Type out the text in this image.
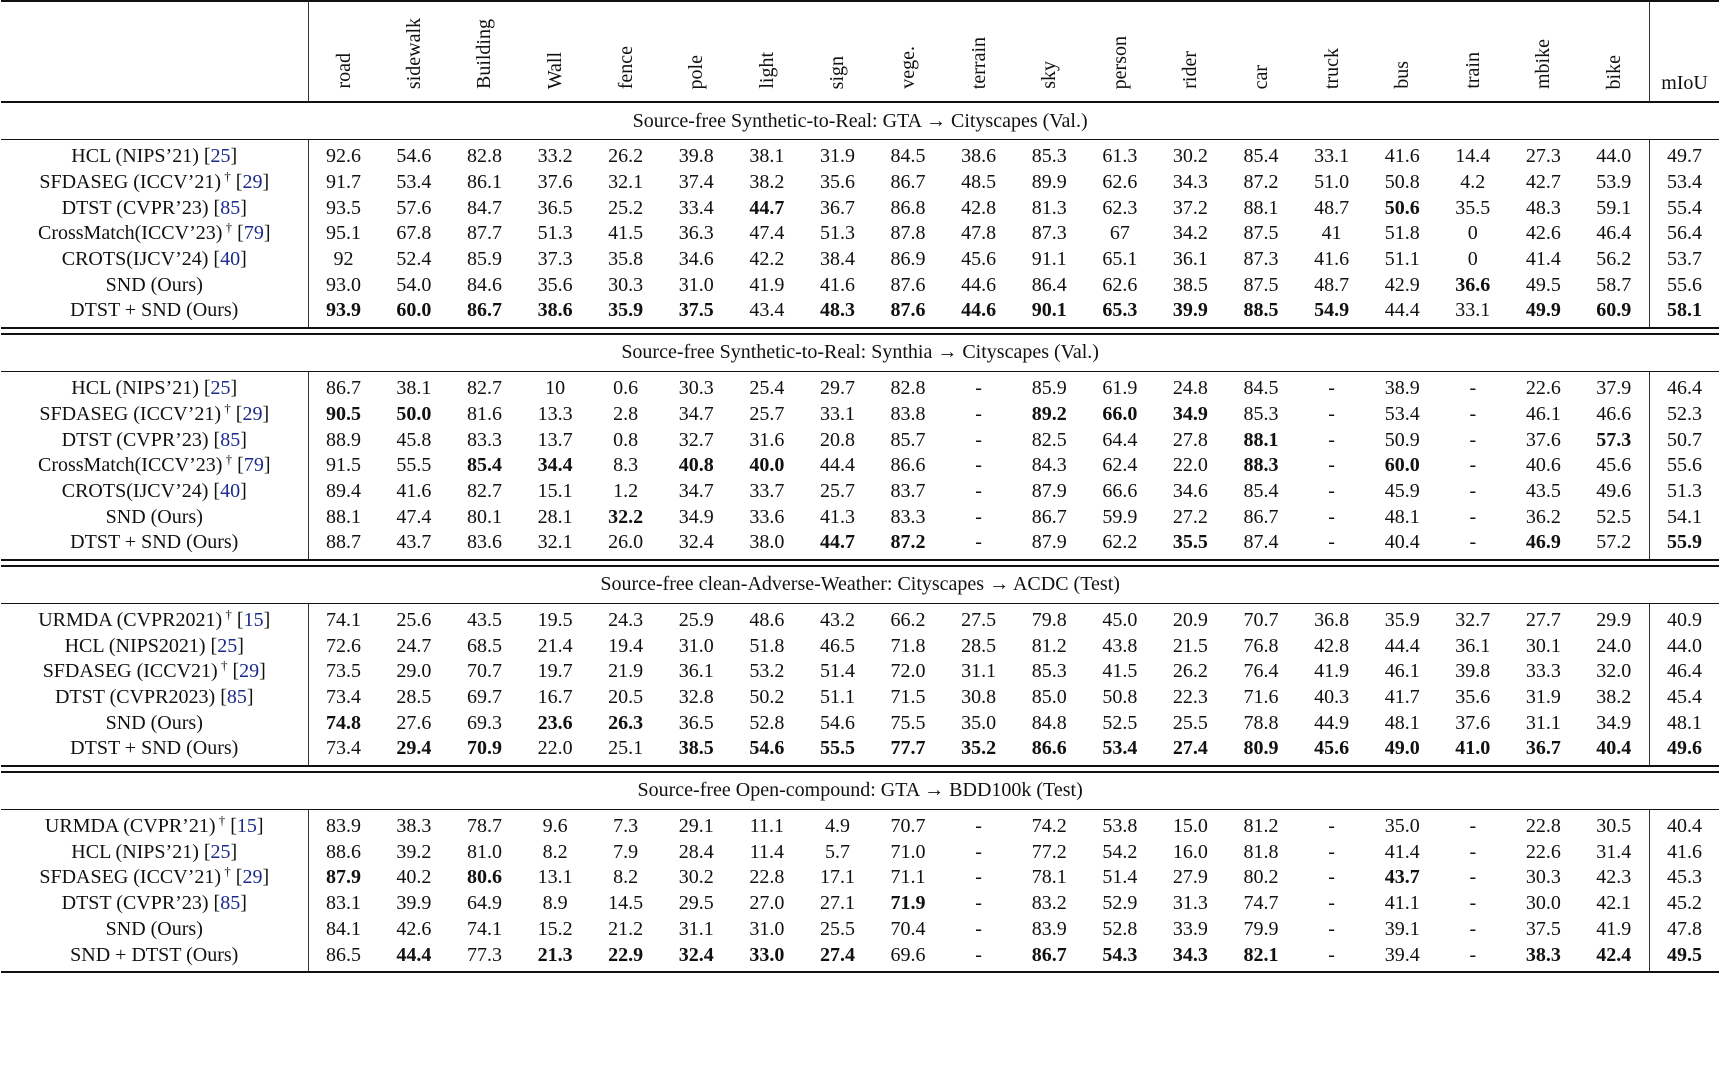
	road	sidewalk	Building	Wall	fence	pole	light	sign	vege.	terrain	sky	person	rider	car	truck	bus	train	mbike	bike	mIoU

Source-free Synthetic-to-Real: GTA → Cityscapes (Val.)																				

HCL (NIPS’21) [25]	92.6	54.6	82.8	33.2	26.2	39.8	38.1	31.9	84.5	38.6	85.3	61.3	30.2	85.4	33.1	41.6	14.4	27.3	44.0	49.7
SFDASEG (ICCV’21) † [29]	91.7	53.4	86.1	37.6	32.1	37.4	38.2	35.6	86.7	48.5	89.9	62.6	34.3	87.2	51.0	50.8	4.2	42.7	53.9	53.4
DTST (CVPR’23) [85]	93.5	57.6	84.7	36.5	25.2	33.4	44.7	36.7	86.8	42.8	81.3	62.3	37.2	88.1	48.7	50.6	35.5	48.3	59.1	55.4
CrossMatch(ICCV’23) † [79]	95.1	67.8	87.7	51.3	41.5	36.3	47.4	51.3	87.8	47.8	87.3	67	34.2	87.5	41	51.8	0	42.6	46.4	56.4
CROTS(IJCV’24) [40]	92	52.4	85.9	37.3	35.8	34.6	42.2	38.4	86.9	45.6	91.1	65.1	36.1	87.3	41.6	51.1	0	41.4	56.2	53.7
SND (Ours)	93.0	54.0	84.6	35.6	30.3	31.0	41.9	41.6	87.6	44.6	86.4	62.6	38.5	87.5	48.7	42.9	36.6	49.5	58.7	55.6
DTST + SND (Ours)	93.9	60.0	86.7	38.6	35.9	37.5	43.4	48.3	87.6	44.6	90.1	65.3	39.9	88.5	54.9	44.4	33.1	49.9	60.9	58.1

Source-free Synthetic-to-Real: Synthia → Cityscapes (Val.)																				

HCL (NIPS’21) [25]	86.7	38.1	82.7	10	0.6	30.3	25.4	29.7	82.8	-	85.9	61.9	24.8	84.5	-	38.9	-	22.6	37.9	46.4
SFDASEG (ICCV’21) † [29]	90.5	50.0	81.6	13.3	2.8	34.7	25.7	33.1	83.8	-	89.2	66.0	34.9	85.3	-	53.4	-	46.1	46.6	52.3
DTST (CVPR’23) [85]	88.9	45.8	83.3	13.7	0.8	32.7	31.6	20.8	85.7	-	82.5	64.4	27.8	88.1	-	50.9	-	37.6	57.3	50.7
CrossMatch(ICCV’23) † [79]	91.5	55.5	85.4	34.4	8.3	40.8	40.0	44.4	86.6	-	84.3	62.4	22.0	88.3	-	60.0	-	40.6	45.6	55.6
CROTS(IJCV’24) [40]	89.4	41.6	82.7	15.1	1.2	34.7	33.7	25.7	83.7	-	87.9	66.6	34.6	85.4	-	45.9	-	43.5	49.6	51.3
SND (Ours)	88.1	47.4	80.1	28.1	32.2	34.9	33.6	41.3	83.3	-	86.7	59.9	27.2	86.7	-	48.1	-	36.2	52.5	54.1
DTST + SND (Ours)	88.7	43.7	83.6	32.1	26.0	32.4	38.0	44.7	87.2	-	87.9	62.2	35.5	87.4	-	40.4	-	46.9	57.2	55.9

Source-free clean-Adverse-Weather: Cityscapes → ACDC (Test)																				

URMDA (CVPR2021) † [15]	74.1	25.6	43.5	19.5	24.3	25.9	48.6	43.2	66.2	27.5	79.8	45.0	20.9	70.7	36.8	35.9	32.7	27.7	29.9	40.9
HCL (NIPS2021) [25]	72.6	24.7	68.5	21.4	19.4	31.0	51.8	46.5	71.8	28.5	81.2	43.8	21.5	76.8	42.8	44.4	36.1	30.1	24.0	44.0
SFDASEG (ICCV21) † [29]	73.5	29.0	70.7	19.7	21.9	36.1	53.2	51.4	72.0	31.1	85.3	41.5	26.2	76.4	41.9	46.1	39.8	33.3	32.0	46.4
DTST (CVPR2023) [85]	73.4	28.5	69.7	16.7	20.5	32.8	50.2	51.1	71.5	30.8	85.0	50.8	22.3	71.6	40.3	41.7	35.6	31.9	38.2	45.4
SND (Ours)	74.8	27.6	69.3	23.6	26.3	36.5	52.8	54.6	75.5	35.0	84.8	52.5	25.5	78.8	44.9	48.1	37.6	31.1	34.9	48.1
DTST + SND (Ours)	73.4	29.4	70.9	22.0	25.1	38.5	54.6	55.5	77.7	35.2	86.6	53.4	27.4	80.9	45.6	49.0	41.0	36.7	40.4	49.6

Source-free Open-compound: GTA → BDD100k (Test)																				

URMDA (CVPR’21) † [15]	83.9	38.3	78.7	9.6	7.3	29.1	11.1	4.9	70.7	-	74.2	53.8	15.0	81.2	-	35.0	-	22.8	30.5	40.4
HCL (NIPS’21) [25]	88.6	39.2	81.0	8.2	7.9	28.4	11.4	5.7	71.0	-	77.2	54.2	16.0	81.8	-	41.4	-	22.6	31.4	41.6
SFDASEG (ICCV’21) † [29]	87.9	40.2	80.6	13.1	8.2	30.2	22.8	17.1	71.1	-	78.1	51.4	27.9	80.2	-	43.7	-	30.3	42.3	45.3
DTST (CVPR’23) [85]	83.1	39.9	64.9	8.9	14.5	29.5	27.0	27.1	71.9	-	83.2	52.9	31.3	74.7	-	41.1	-	30.0	42.1	45.2
SND (Ours)	84.1	42.6	74.1	15.2	21.2	31.1	31.0	25.5	70.4	-	83.9	52.8	33.9	79.9	-	39.1	-	37.5	41.9	47.8
SND + DTST (Ours)	86.5	44.4	77.3	21.3	22.9	32.4	33.0	27.4	69.6	-	86.7	54.3	34.3	82.1	-	39.4	-	38.3	42.4	49.5
